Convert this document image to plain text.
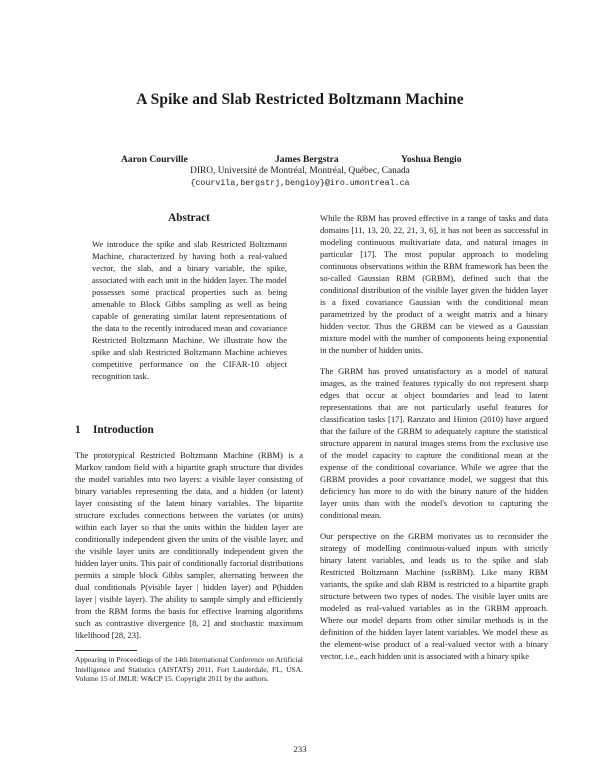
A Spike and Slab Restricted Boltzmann Machine
Aaron Courville	James Bergstra	Yoshua Bengio
DIRO, Université de Montréal, Montréal, Québec, Canada
{courvila,bergstrj,bengioy}@iro.umontreal.ca
Abstract

We introduce the spike and slab Restricted Boltzmann Machine, characterized by having both a real-valued vector, the slab, and a binary variable, the spike, associated with each unit in the hidden layer. The model possesses some practical properties such as being amenable to Block Gibbs sampling as well as being capable of generating similar latent representations of the data to the recently introduced mean and covariance Restricted Boltzmann Machine. We illustrate how the spike and slab Restricted Boltzmann Machine achieves competitive performance on the CIFAR-10 object recognition task.

1 Introduction

The prototypical Restricted Boltzmann Machine (RBM) is a Markov random field with a bipartite graph structure that divides the model variables into two layers: a visible layer consisting of binary variables representing the data, and a hidden (or latent) layer consisting of the latent binary variables. The bipartite structure excludes connections between the variates (or units) within each layer so that the units within the hidden layer are conditionally independent given the units of the visible layer, and the visible layer units are conditionally independent given the hidden layer units. This pair of conditionally factorial distributions permits a simple block Gibbs sampler, alternating between the dual conditionals P(visible layer | hidden layer) and P(hidden layer | visible layer). The ability to sample simply and efficiently from the RBM forms the basis for effective learning algorithms such as contrastive divergence [8, 2] and stochastic maximum likelihood [28, 23].

Appearing in Proceedings of the 14th International Conference on Artificial Intelligence and Statistics (AISTATS) 2011, Fort Lauderdale, FL, USA. Volume 15 of JMLR: W&CP 15. Copyright 2011 by the authors.

While the RBM has proved effective in a range of tasks and data domains [11, 13, 20, 22, 21, 3, 6], it has not been as successful in modeling continuous multivariate data, and natural images in particular [17]. The most popular approach to modeling continuous observations within the RBM framework has been the so-called Gaussian RBM (GRBM), defined such that the conditional distribution of the visible layer given the hidden layer is a fixed covariance Gaussian with the conditional mean parametrized by the product of a weight matrix and a binary hidden vector. Thus the GRBM can be viewed as a Gaussian mixture model with the number of components being exponential in the number of hidden units.

The GRBM has proved unsatisfactory as a model of natural images, as the trained features typically do not represent sharp edges that occur at object boundaries and lead to latent representations that are not particularly useful features for classification tasks [17]. Ranzato and Hinton (2010) have argued that the failure of the GRBM to adequately capture the statistical structure apparent in natural images stems from the exclusive use of the model capacity to capture the conditional mean at the expense of the conditional covariance. While we agree that the GRBM provides a poor covariance model, we suggest that this deficiency has more to do with the binary nature of the hidden layer units than with the model's devotion to capturing the conditional mean.

Our perspective on the GRBM motivates us to reconsider the strategy of modelling continuous-valued inputs with strictly binary latent variables, and leads us to the spike and slab Restricted Boltzmann Machine (ssRBM). Like many RBM variants, the spike and slab RBM is restricted to a bipartite graph structure between two types of nodes. The visible layer units are modeled as real-valued variables as in the GRBM approach. Where our model departs from other similar methods is in the definition of the hidden layer latent variables. We model these as the element-wise product of a real-valued vector with a binary vector, i.e., each hidden unit is associated with a binary spike

233
